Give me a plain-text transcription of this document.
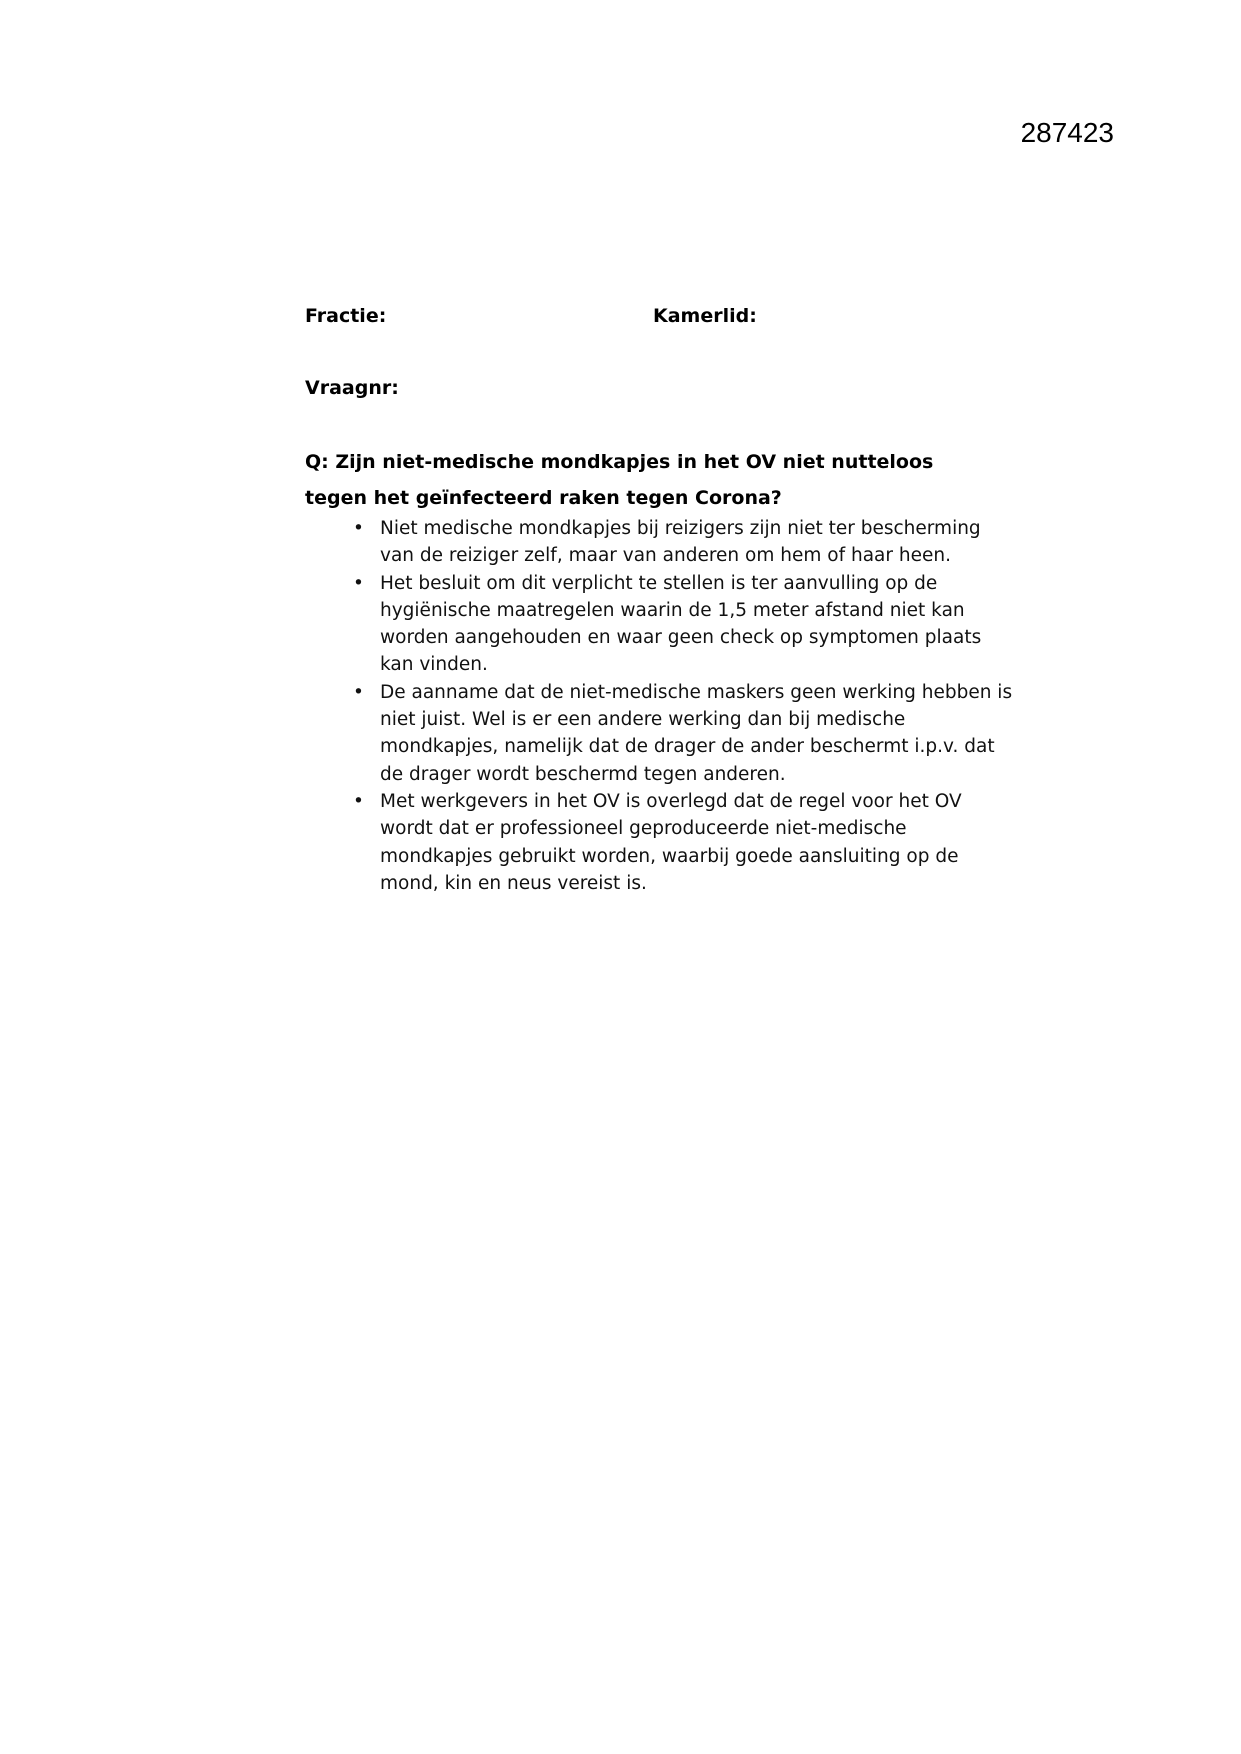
287423
Fractie:	Kamerlid:
Vraagnr:

Q: Zijn niet-medische mondkapjes in het OV niet nutteloos tegen het geïnfecteerd raken tegen Corona?

• Niet medische mondkapjes bij reizigers zijn niet ter bescherming van de reiziger zelf, maar van anderen om hem of haar heen.
• Het besluit om dit verplicht te stellen is ter aanvulling op de hygiënische maatregelen waarin de 1,5 meter afstand niet kan worden aangehouden en waar geen check op symptomen plaats kan vinden.
• De aanname dat de niet-medische maskers geen werking hebben is niet juist. Wel is er een andere werking dan bij medische mondkapjes, namelijk dat de drager de ander beschermt i.p.v. dat de drager wordt beschermd tegen anderen.
• Met werkgevers in het OV is overlegd dat de regel voor het OV wordt dat er professioneel geproduceerde niet-medische mondkapjes gebruikt worden, waarbij goede aansluiting op de mond, kin en neus vereist is.
